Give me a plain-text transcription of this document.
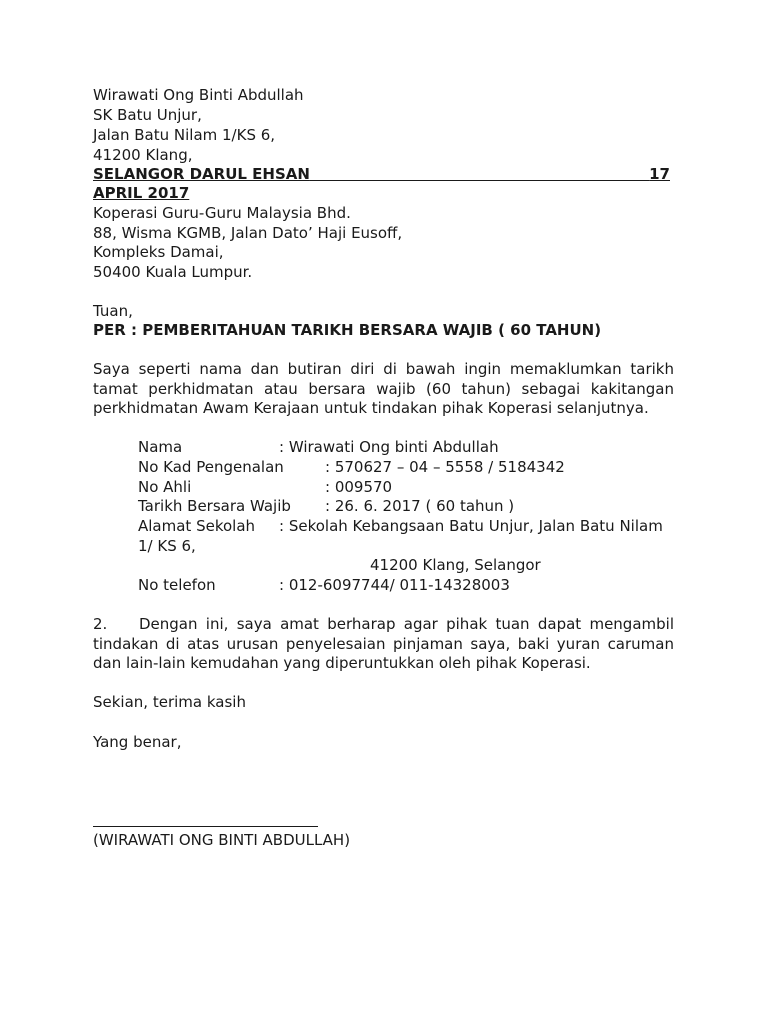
Wirawati Ong Binti Abdullah
SK Batu Unjur,
Jalan Batu Nilam 1/KS 6,
41200 Klang,
SELANGOR DARUL EHSAN	17
APRIL 2017
Koperasi Guru-Guru Malaysia Bhd.
88, Wisma KGMB, Jalan Dato’ Haji Eusoff,
Kompleks Damai,
50400 Kuala Lumpur.
Tuan,
PER : PEMBERITAHUAN TARIKH BERSARA WAJIB ( 60 TAHUN)
Saya seperti nama dan butiran diri di bawah ingin memaklumkan tarikh
tamat perkhidmatan atau bersara wajib (60 tahun) sebagai kakitangan
perkhidmatan Awam Kerajaan untuk tindakan pihak Koperasi selanjutnya.
Nama	: Wirawati Ong binti Abdullah
No Kad Pengenalan	: 570627 – 04 – 5558 / 5184342
No Ahli	: 009570
Tarikh Bersara Wajib : 26. 6. 2017 ( 60 tahun )
Alamat Sekolah : Sekolah Kebangsaan Batu Unjur, Jalan Batu Nilam
1/ KS 6,
41200 Klang, Selangor
No telefon	: 012-6097744/ 011-14328003
2. Dengan ini, saya amat berharap agar pihak tuan dapat mengambil
tindakan di atas urusan penyelesaian pinjaman saya, baki yuran caruman
dan lain-lain kemudahan yang diperuntukkan oleh pihak Koperasi.
Sekian, terima kasih
Yang benar,
(WIRAWATI ONG BINTI ABDULLAH)
